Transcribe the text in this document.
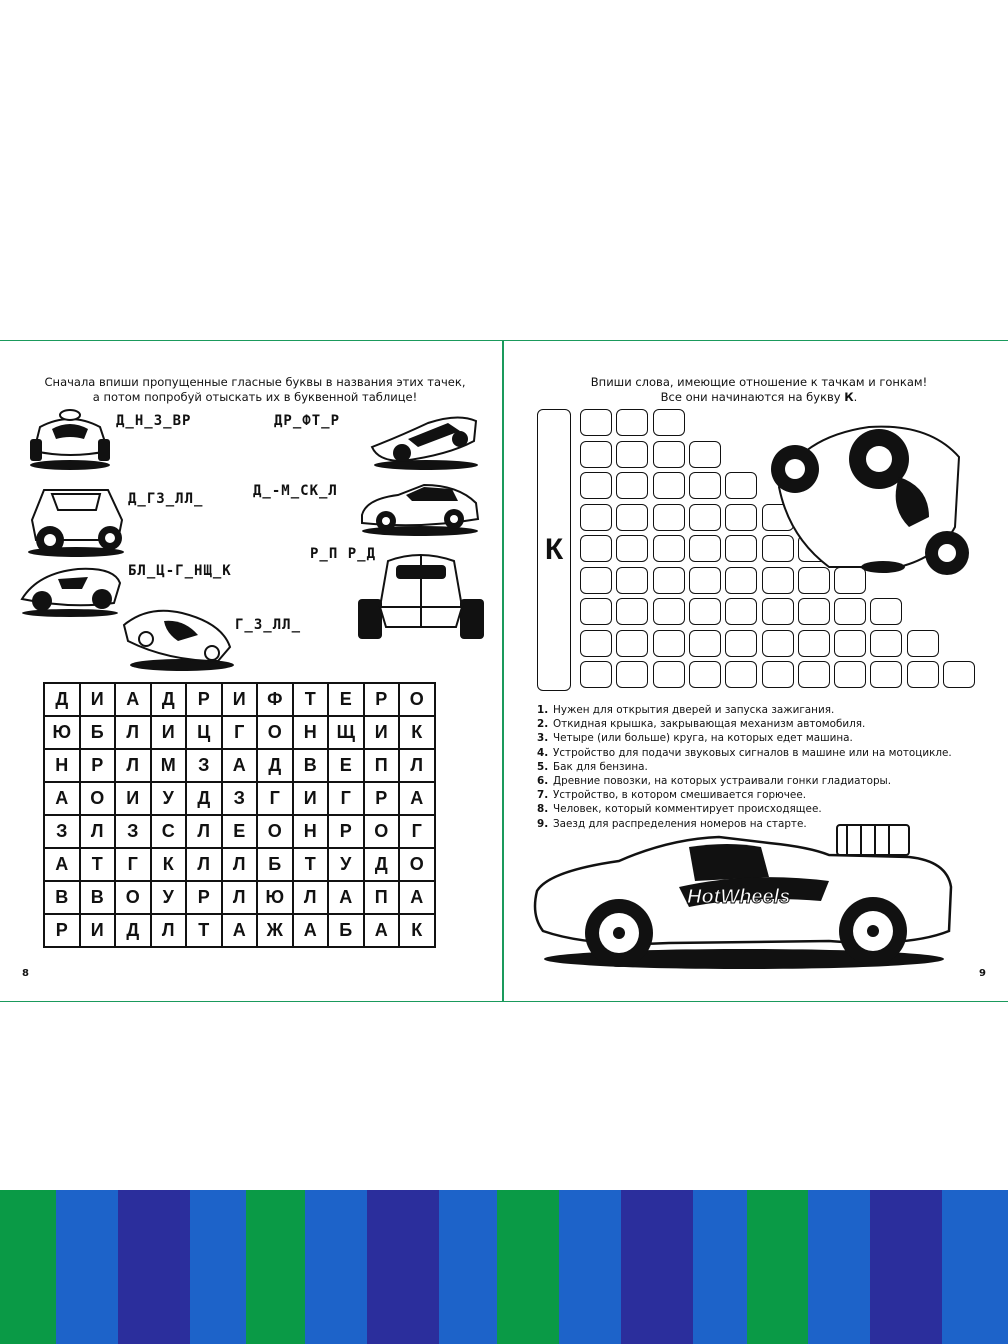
Сначала впиши пропущенные гласные буквы в названия этих тачек,
а потом попробуй отыскать их в буквенной таблице!
Д_Н_З_ВР	ДР_ФТ_Р
Д_ГЗ_ЛЛ_	Д_-М_СК_Л
Р_П Р_Д
БЛ_Ц-Г_НЩ_К
Г_З_ЛЛ_
Д	И	А	Д	Р	И	Ф	Т	Е	Р	О
Ю	Б	Л	И	Ц	Г	О	Н	Щ	И	К
Н	Р	Л	М	З	А	Д	В	Е	П	Л
А	О	И	У	Д	З	Г	И	Г	Р	А
З	Л	З	С	Л	Е	О	Н	Р	О	Г
А	Т	Г	К	Л	Л	Б	Т	У	Д	О
В	В	О	У	Р	Л	Ю	Л	А	П	А
Р	И	Д	Л	Т	А	Ж	А	Б	А	К
8
Впиши слова, имеющие отношение к тачкам и гонкам!
Все они начинаются на букву К.
К
1. Нужен для открытия дверей и запуска зажигания.
2. Откидная крышка, закрывающая механизм автомобиля.
3. Четыре (или больше) круга, на которых едет машина.
4. Устройство для подачи звуковых сигналов в машине или на мотоцикле.
5. Бак для бензина.
6. Древние повозки, на которых устраивали гонки гладиаторы.
7. Устройство, в котором смешивается горючее.
8. Человек, который комментирует происходящее.
9. Заезд для распределения номеров на старте.
HotWheels
9
